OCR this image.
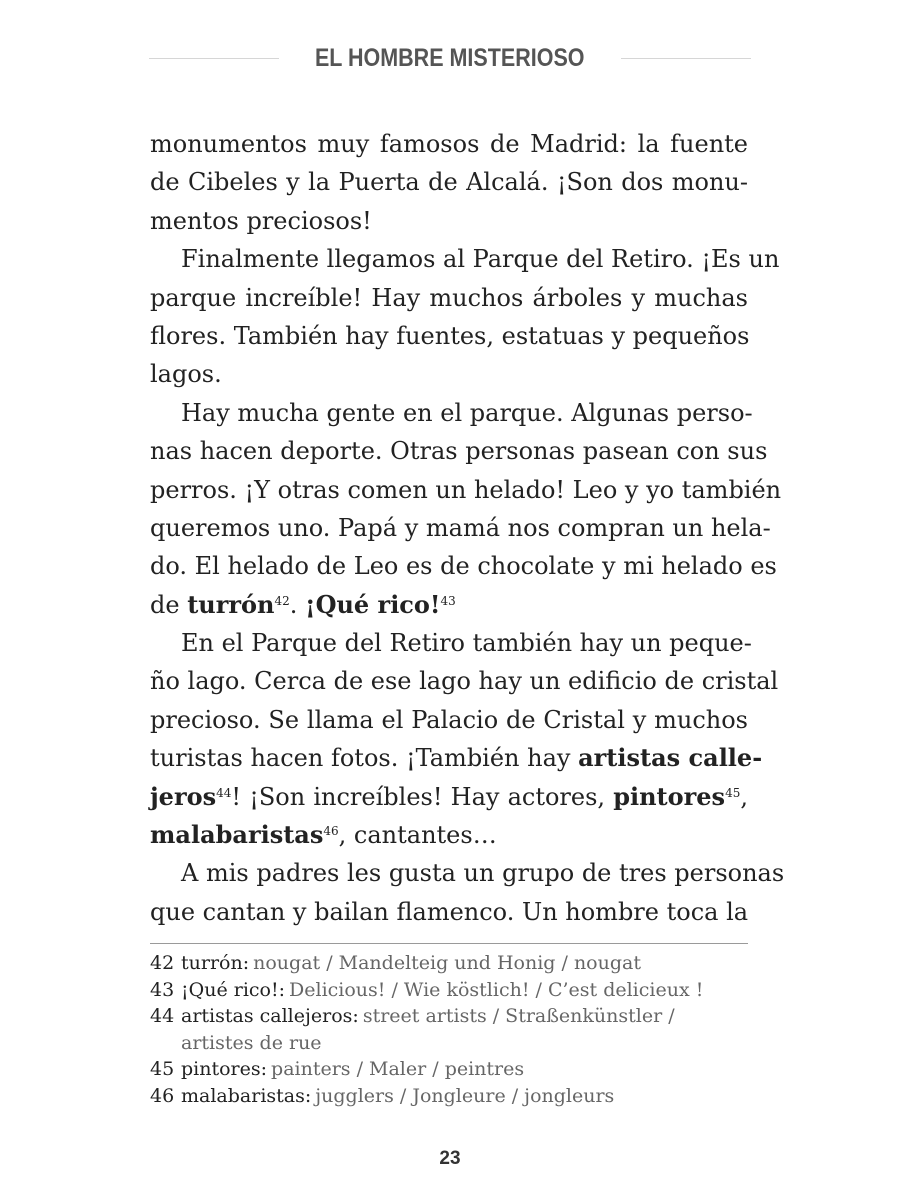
EL HOMBRE MISTERIOSO
monumentos muy famosos de Madrid: la fuente
de Cibeles y la Puerta de Alcalá. ¡Son dos monu-
mentos preciosos!
Finalmente llegamos al Parque del Retiro. ¡Es un
parque increíble! Hay muchos árboles y muchas
flores. También hay fuentes, estatuas y pequeños
lagos.
Hay mucha gente en el parque. Algunas perso-
nas hacen deporte. Otras personas pasean con sus
perros. ¡Y otras comen un helado! Leo y yo también
queremos uno. Papá y mamá nos compran un hela-
do. El helado de Leo es de chocolate y mi helado es
de turrón$^{42}$. ¡Qué rico!$^{43}$
En el Parque del Retiro también hay un peque-
ño lago. Cerca de ese lago hay un edificio de cristal
precioso. Se llama el Palacio de Cristal y muchos
turistas hacen fotos. ¡También hay artistas calle-
jeros$^{44}$! ¡Son increíbles! Hay actores, pintores$^{45}$,
malabaristas$^{46}$, cantantes…
A mis padres les gusta un grupo de tres personas
que cantan y bailan flamenco. Un hombre toca la
42 turrón: nougat / Mandelteig und Honig / nougat
43 ¡Qué rico!: Delicious! / Wie köstlich! / C’est delicieux !
44 artistas callejeros: street artists / Straßenkünstler /
artistes de rue
45 pintores: painters / Maler / peintres
46 malabaristas: jugglers / Jongleure / jongleurs
23
